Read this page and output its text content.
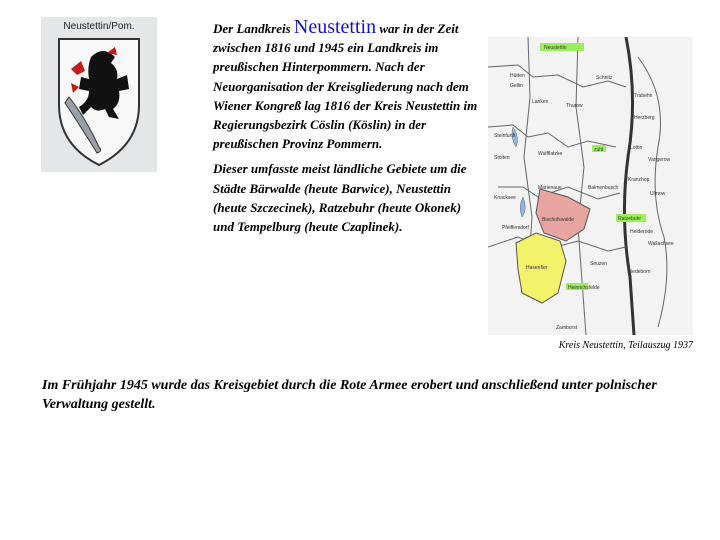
Neustettin/Pom.	Der Landkreis Neustettin war in der Zeit zwischen 1816 und 1945 ein Landkreis im preußischen Hinterpommern. Nach der Neuorganisation der Kreisgliederung nach dem Wiener Kongreß lag 1816 der Kreis Neustettin im Regierungsbezirk Cöslin (Köslin) in der preußischen Provinz Pommern.

Dieser umfasste meist ländliche Gebiete um die Städte Bärwalde (heute Barwice), Neustettin (heute Szczecinek), Ratzebuhr (heute Okonek) und Tempelburg (heute Czaplinek).

Neustettin
Hütten
Gellin
Schnitz
Trabehn
Thurow
Herzberg
Lanken
Wulfflatzke
Stölten
zühl
Vangerow
Lottin
Marienaue	Balmenbusch
Kranzhop
Ulmow
Knacksee
Bischofswalde	Ratzebuhr
Pfeiffersdorf
Wallachsee
Heiderode
Hasenfier
Seuzen
Fiedeborn
Heinrichsfelde
Zamborst
Steinfurth
Kreis Neustettin, Teilauszug 1937
Im Frühjahr 1945 wurde das Kreisgebiet durch die Rote Armee erobert und anschließend unter polnischer Verwaltung gestellt.
